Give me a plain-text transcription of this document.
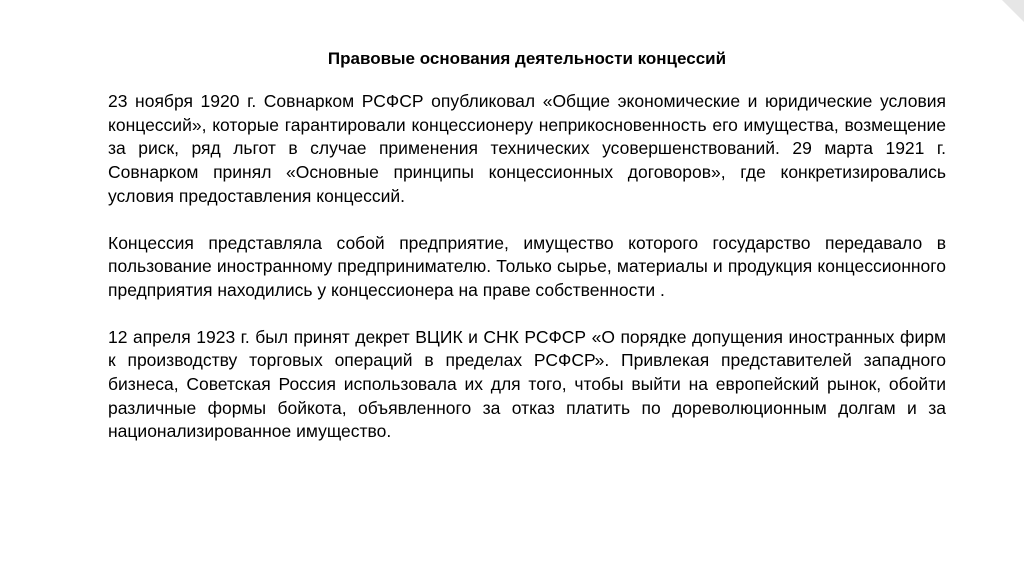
Правовые основания деятельности концессий

23 ноября 1920 г. Совнарком РСФСР опубликовал «Общие экономические и юридические условия концессий», которые гарантировали концессионеру неприкосновенность его имущества, возмещение за риск, ряд льгот в случае применения технических усовершенствований. 29 марта 1921 г. Совнарком принял «Основные принципы концессионных договоров», где конкретизировались условия предоставления концессий.

Концессия представляла собой предприятие, имущество которого государство передавало в пользование иностранному предпринимателю. Только сырье, материалы и продукция концессионного предприятия находились у концессионера на праве собственности .

12 апреля 1923 г. был принят декрет ВЦИК и СНК РСФСР «О порядке допущения иностранных фирм к производству торговых операций в пределах РСФСР». Привлекая представителей западного бизнеса, Советская Россия использовала их для того, чтобы выйти на европейский рынок, обойти различные формы бойкота, объявленного за отказ платить по дореволюционным долгам и за национализированное имущество.
